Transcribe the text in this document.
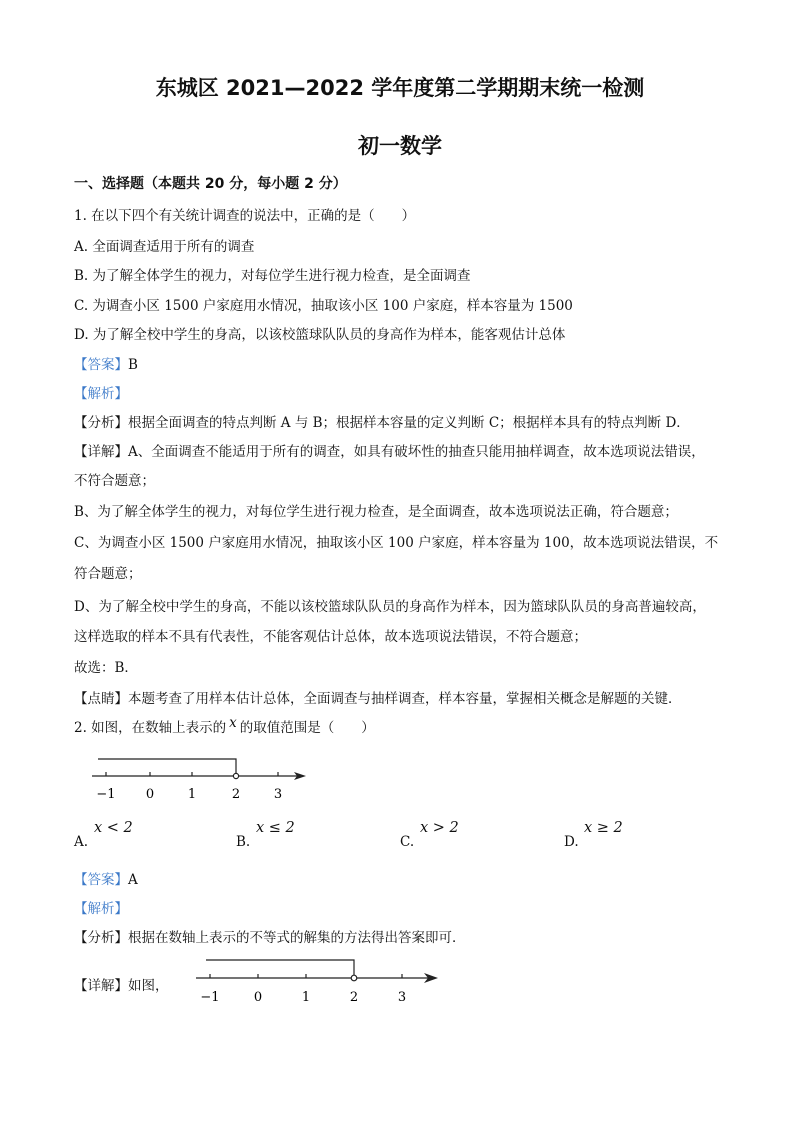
东城区 2021—2022 学年度第二学期期末统一检测
初一数学
一、选择题（本题共 20 分，每小题 2 分）
1. 在以下四个有关统计调查的说法中，正确的是（　　）
A. 全面调查适用于所有的调查
B. 为了解全体学生的视力，对每位学生进行视力检查，是全面调查
C. 为调查小区 1500 户家庭用水情况，抽取该小区 100 户家庭，样本容量为 1500
D. 为了解全校中学生的身高，以该校篮球队队员的身高作为样本，能客观估计总体
【答案】B
【解析】
【分析】根据全面调查的特点判断 A 与 B；根据样本容量的定义判断 C；根据样本具有的特点判断 D．
【详解】A、全面调查不能适用于所有的调查，如具有破坏性的抽查只能用抽样调查，故本选项说法错误，
不符合题意；
B、为了解全体学生的视力，对每位学生进行视力检查，是全面调查，故本选项说法正确，符合题意；
C、为调查小区 1500 户家庭用水情况，抽取该小区 100 户家庭，样本容量为 100，故本选项说法错误，不
符合题意；
D、为了解全校中学生的身高，不能以该校篮球队队员的身高作为样本，因为篮球队队员的身高普遍较高，
这样选取的样本不具有代表性，不能客观估计总体，故本选项说法错误，不符合题意；
故选：B．
【点睛】本题考查了用样本估计总体，全面调查与抽样调查，样本容量，掌握相关概念是解题的关键．
2. 如图，在数轴上表示的 x 的取值范围是（　　）
−1 0	1	2	3
A.
x < 2
B.
x ≤ 2
C.
x > 2
D.
x ≥ 2
【答案】A
【解析】
【分析】根据在数轴上表示的不等式的解集的方法得出答案即可．
【详解】如图，
−1	0	1	2	3
